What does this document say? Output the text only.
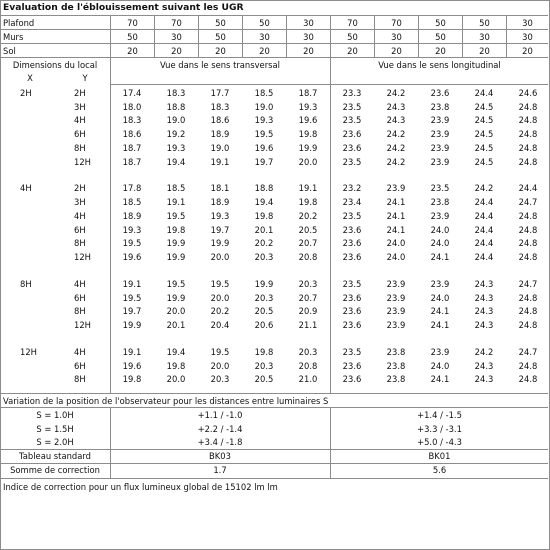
Evaluation de l'éblouissement suivant les UGR
Plafond	70	70	50	50	30	70	70	50	50	30
Murs	50	30	50	30	30	50	30	50	30	30
Sol	20	20	20	20	20	20	20	20	20	20
Dimensions du local
X	Y
Vue dans le sens transversal	Vue dans le sens longitudinal
2H	2H	17.4	18.3	17.7	18.5	18.7	23.3	24.2	23.6	24.4	24.6
3H	18.0	18.8	18.3	19.0	19.3	23.5	24.3	23.8	24.5	24.8
4H	18.3	19.0	18.6	19.3	19.6	23.5	24.3	23.9	24.5	24.8
6H	18.6	19.2	18.9	19.5	19.8	23.6	24.2	23.9	24.5	24.8
8H	18.7	19.3	19.0	19.6	19.9	23.6	24.2	23.9	24.5	24.8
12H	18.7	19.4	19.1	19.7	20.0	23.5	24.2	23.9	24.5	24.8
4H	2H	17.8	18.5	18.1	18.8	19.1	23.2	23.9	23.5	24.2	24.4
3H	18.5	19.1	18.9	19.4	19.8	23.4	24.1	23.8	24.4	24.7
4H	18.9	19.5	19.3	19.8	20.2	23.5	24.1	23.9	24.4	24.8
6H	19.3	19.8	19.7	20.1	20.5	23.6	24.1	24.0	24.4	24.8
8H	19.5	19.9	19.9	20.2	20.7	23.6	24.0	24.0	24.4	24.8
12H	19.6	19.9	20.0	20.3	20.8	23.6	24.0	24.1	24.4	24.8
8H	4H	19.1	19.5	19.5	19.9	20.3	23.5	23.9	23.9	24.3	24.7
6H	19.5	19.9	20.0	20.3	20.7	23.6	23.9	24.0	24.3	24.8
8H	19.7	20.0	20.2	20.5	20.9	23.6	23.9	24.1	24.3	24.8
12H	19.9	20.1	20.4	20.6	21.1	23.6	23.9	24.1	24.3	24.8
12H	4H	19.1	19.4	19.5	19.8	20.3	23.5	23.8	23.9	24.2	24.7
6H	19.6	19.8	20.0	20.3	20.8	23.6	23.8	24.0	24.3	24.8
8H	19.8	20.0	20.3	20.5	21.0	23.6	23.8	24.1	24.3	24.8
Variation de la position de l'observateur pour les distances entre luminaires S
S = 1.0H	+1.1 / -1.0	+1.4 / -1.5
S = 1.5H	+2.2 / -1.4	+3.3 / -3.1
S = 2.0H	+3.4 / -1.8	+5.0 / -4.3
Tableau standard	BK03	BK01
Somme de correction	1.7	5.6
Indice de correction pour un flux lumineux global de 15102 lm lm
